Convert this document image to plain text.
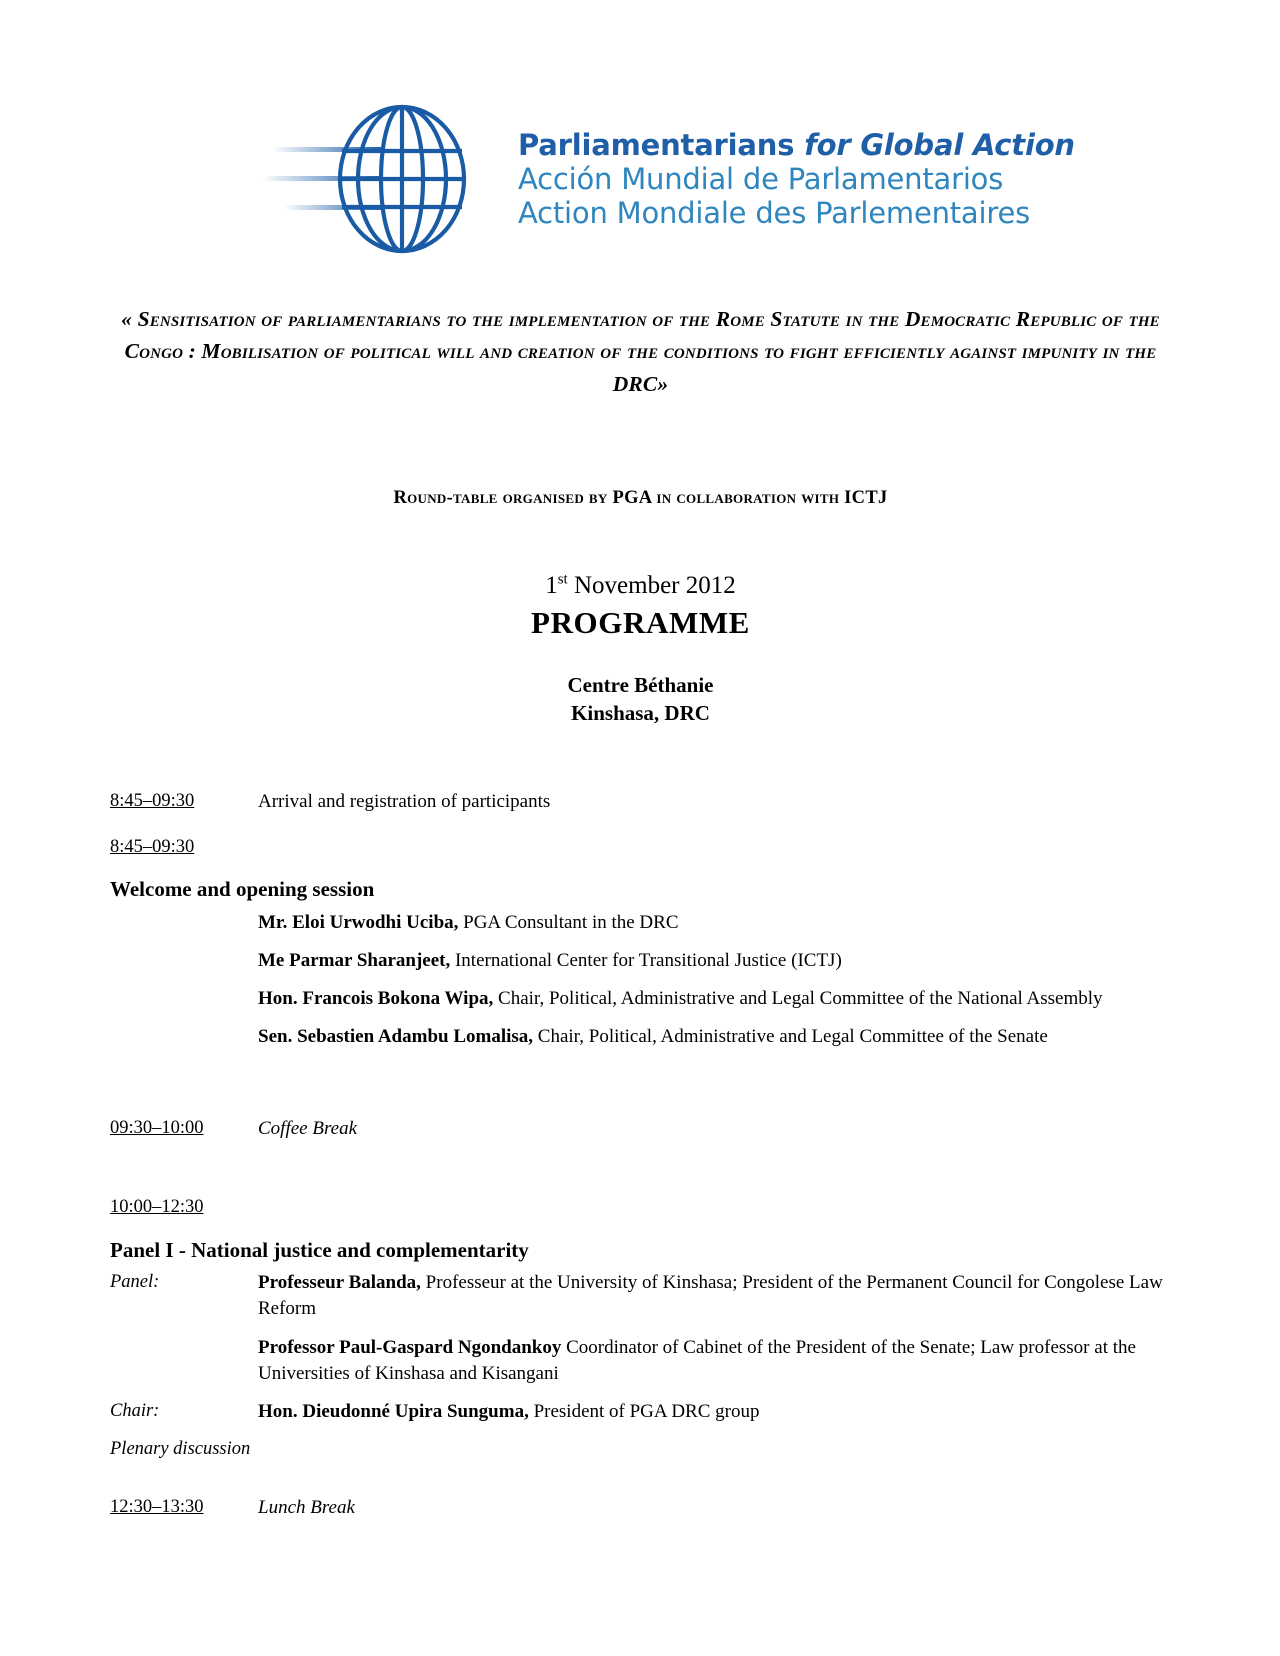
Parliamentarians for Global Action
Acción Mundial de Parlamentarios
Action Mondiale des Parlementaires
« Sensitisation of parliamentarians to the implementation of the Rome Statute in the Democratic Republic of the Congo : Mobilisation of political will and creation of the conditions to fight efficiently against impunity in the DRC»
Round-table organised by PGA in collaboration with ICTJ
1st November 2012
PROGRAMME
Centre Béthanie
Kinshasa, DRC
8:45–09:30	Arrival and registration of participants
8:45–09:30
Welcome and opening session
Mr. Eloi Urwodhi Uciba, PGA Consultant in the DRC
Me Parmar Sharanjeet, International Center for Transitional Justice (ICTJ)
Hon. Francois Bokona Wipa, Chair, Political, Administrative and Legal Committee of the National Assembly
Sen. Sebastien Adambu Lomalisa, Chair, Political, Administrative and Legal Committee of the Senate
09:30–10:00	Coffee Break
10:00–12:30
Panel I - National justice and complementarity
Panel:	Professeur Balanda, Professeur at the University of Kinshasa; President of the Permanent Council for Congolese Law Reform
Professor Paul-Gaspard Ngondankoy Coordinator of Cabinet of the President of the Senate; Law professor at the Universities of Kinshasa and Kisangani
Chair:	Hon. Dieudonné Upira Sunguma, President of PGA DRC group
Plenary discussion
12:30–13:30	Lunch Break
